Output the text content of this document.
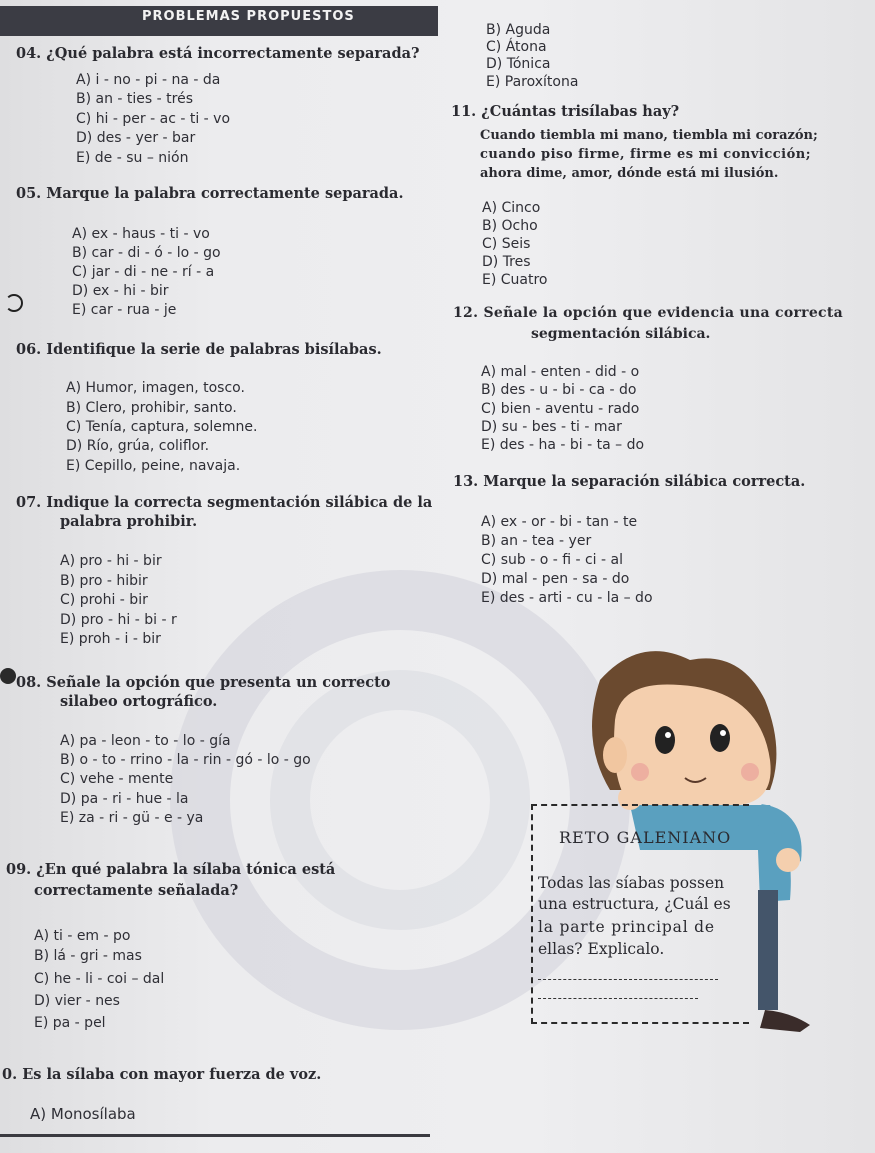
PROBLEMAS PROPUESTOS
04. ¿Qué palabra está incorrectamente separada?
A) i - no - pi - na - da
B) an - ties - trés
C) hi - per - ac - ti - vo
D) des - yer - bar
E) de - su – nión
05. Marque la palabra correctamente separada.
A) ex - haus - ti - vo
B) car - di - ó - lo - go
C) jar - di - ne - rí - a
D) ex - hi - bir
E) car - rua - je
06. Identifique la serie de palabras bisílabas.
A) Humor, imagen, tosco.
B) Clero, prohibir, santo.
C) Tenía, captura, solemne.
D) Río, grúa, coliflor.
E) Cepillo, peine, navaja.
07. Indique la correcta segmentación silábica de la
palabra prohibir.
A) pro - hi - bir
B) pro - hibir
C) prohi - bir
D) pro - hi - bi - r
E) proh - i - bir
08. Señale la opción que presenta un correcto
silabeo ortográfico.
A) pa - leon - to - lo - gía
B) o - to - rrino - la - rin - gó - lo - go
C) vehe - mente
D) pa - ri - hue - la
E) za - ri - gü - e - ya
09. ¿En qué palabra la sílaba tónica está
correctamente señalada?
A) ti - em - po
B) lá - gri - mas
C) he - li - coi – dal
D) vier - nes
E) pa - pel
0. Es la sílaba con mayor fuerza de voz.
A) Monosílaba
B) Aguda
C) Átona
D) Tónica
E) Paroxítona
11. ¿Cuántas trisílabas hay?
Cuando tiembla mi mano, tiembla mi corazón;
cuando piso firme, firme es mi convicción;
ahora dime, amor, dónde está mi ilusión.
A) Cinco
B) Ocho
C) Seis
D) Tres
E) Cuatro
12. Señale la opción que evidencia una correcta
segmentación silábica.
A) mal - enten - did - o
B) des - u - bi - ca - do
C) bien - aventu - rado
D) su - bes - ti - mar
E) des - ha - bi - ta – do
13. Marque la separación silábica correcta.
A) ex - or - bi - tan - te
B) an - tea - yer
C) sub - o - fi - ci - al
D) mal - pen - sa - do
E) des - arti - cu - la – do
RETO GALENIANO
Todas las síabas possen
una estructura, ¿Cuál es
la parte principal de
ellas? Explicalo.
